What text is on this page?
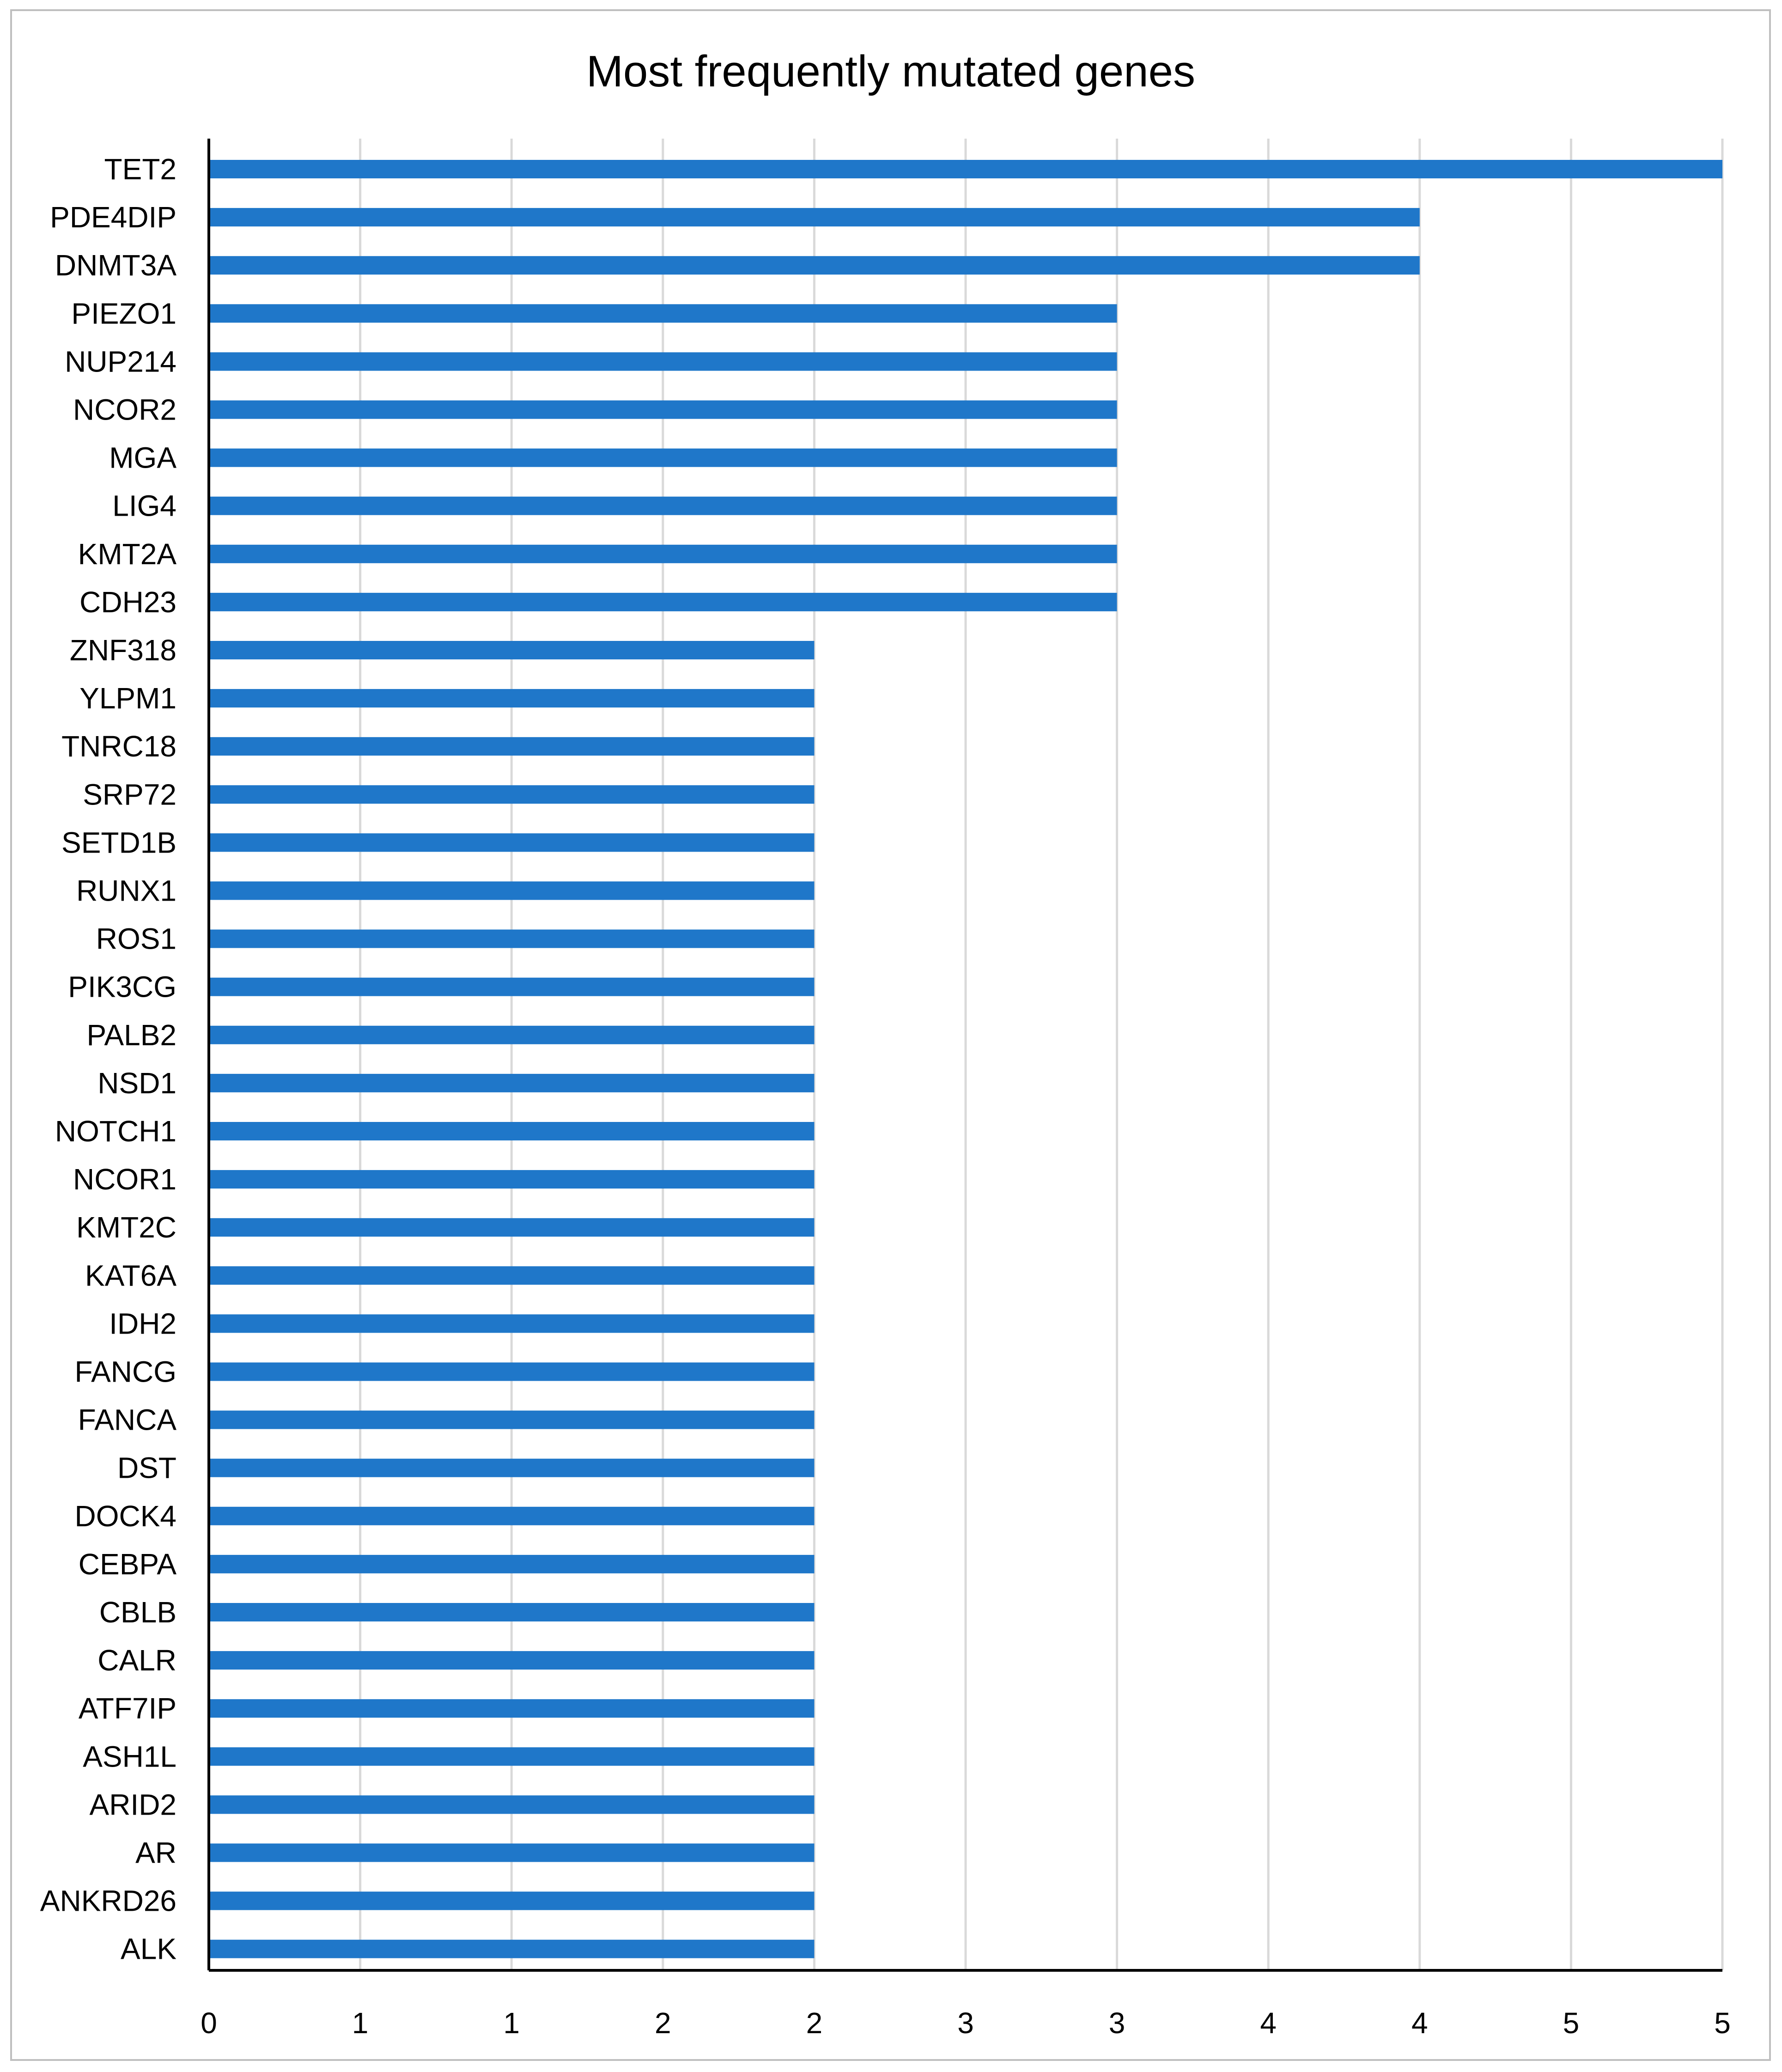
Most frequently mutated genes
TET2
PDE4DIP
DNMT3A
PIEZO1
NUP214
NCOR2
MGA
LIG4
KMT2A
CDH23
ZNF318
YLPM1
TNRC18
SRP72
SETD1B
RUNX1
ROS1
PIK3CG
PALB2
NSD1
NOTCH1
NCOR1
KMT2C
KAT6A
IDH2
FANCG
FANCA
DST
DOCK4
CEBPA
CBLB
CALR
ATF7IP
ASH1L
ARID2
AR
ANKRD26
ALK
0	1	1	2	2	3	3	4	4	5	5
